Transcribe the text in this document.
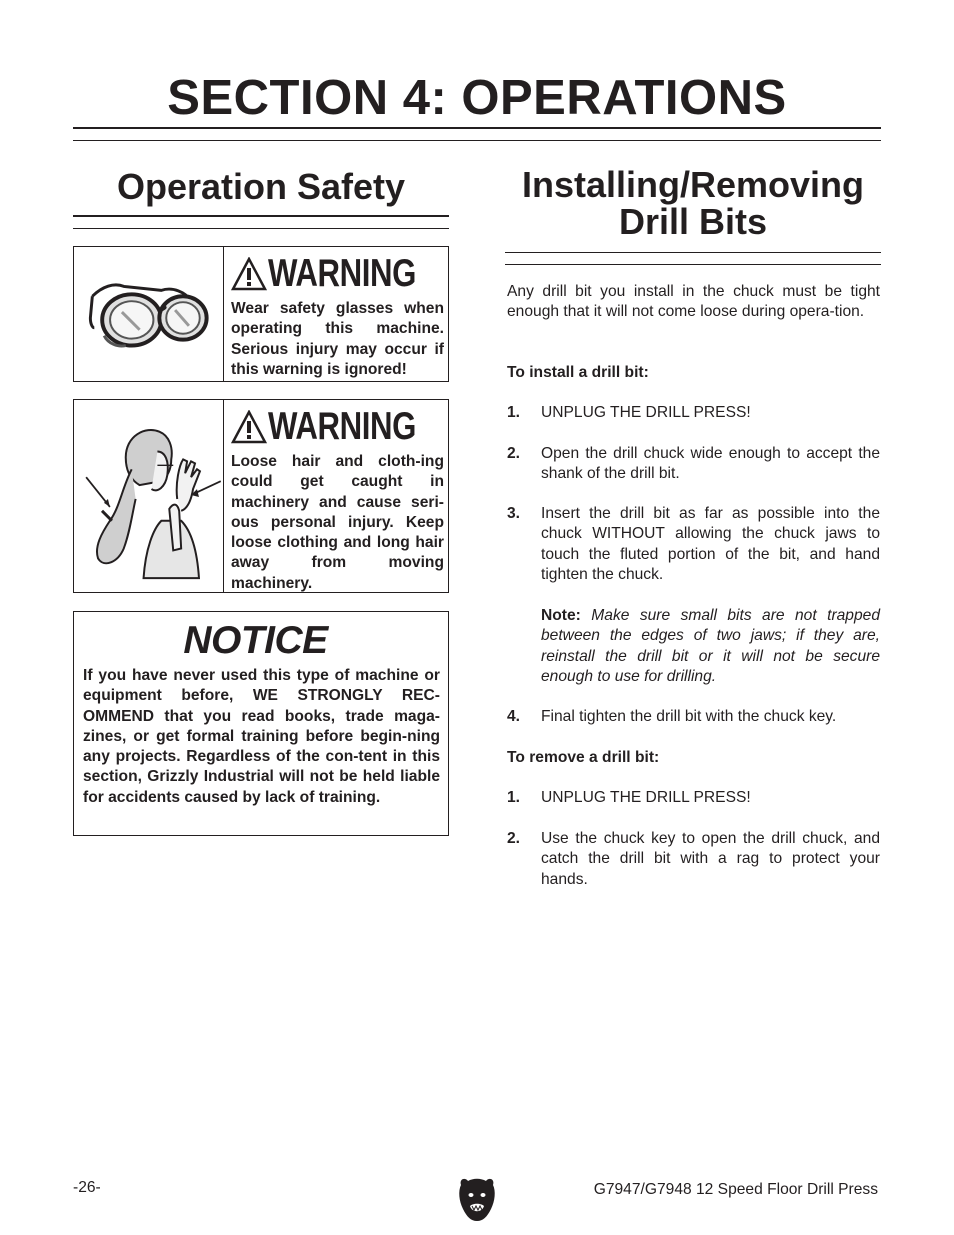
SECTION 4: OPERATIONS
Operation Safety
WARNING
Wear safety glasses when operating this machine. Serious injury may occur if this warning is ignored!
WARNING
Loose hair and cloth-ing could get caught in machinery and cause seri-ous personal injury. Keep loose clothing and long hair away from moving machinery.
NOTICE
If you have never used this type of machine or equipment before, WE STRONGLY REC-OMMEND that you read books, trade maga-zines, or get formal training before begin-ning any projects. Regardless of the con-tent in this section, Grizzly Industrial will not be held liable for accidents caused by lack of training.
Installing/Removing
Drill Bits
Any drill bit you install in the chuck must be tight enough that it will not come loose during opera-tion.
To install a drill bit:
1.	UNPLUG THE DRILL PRESS!
2.	Open the drill chuck wide enough to accept the shank of the drill bit.
3.	Insert the drill bit as far as possible into the chuck WITHOUT allowing the chuck jaws to touch the fluted portion of the bit, and hand tighten the chuck.
Note: Make sure small bits are not trapped between the edges of two jaws; if they are, reinstall the drill bit or it will not be secure enough to use for drilling.
4.	Final tighten the drill bit with the chuck key.
To remove a drill bit:
1.	UNPLUG THE DRILL PRESS!
2.	Use the chuck key to open the drill chuck, and catch the drill bit with a rag to protect your hands.
-26-	G7947/G7948 12 Speed Floor Drill Press
